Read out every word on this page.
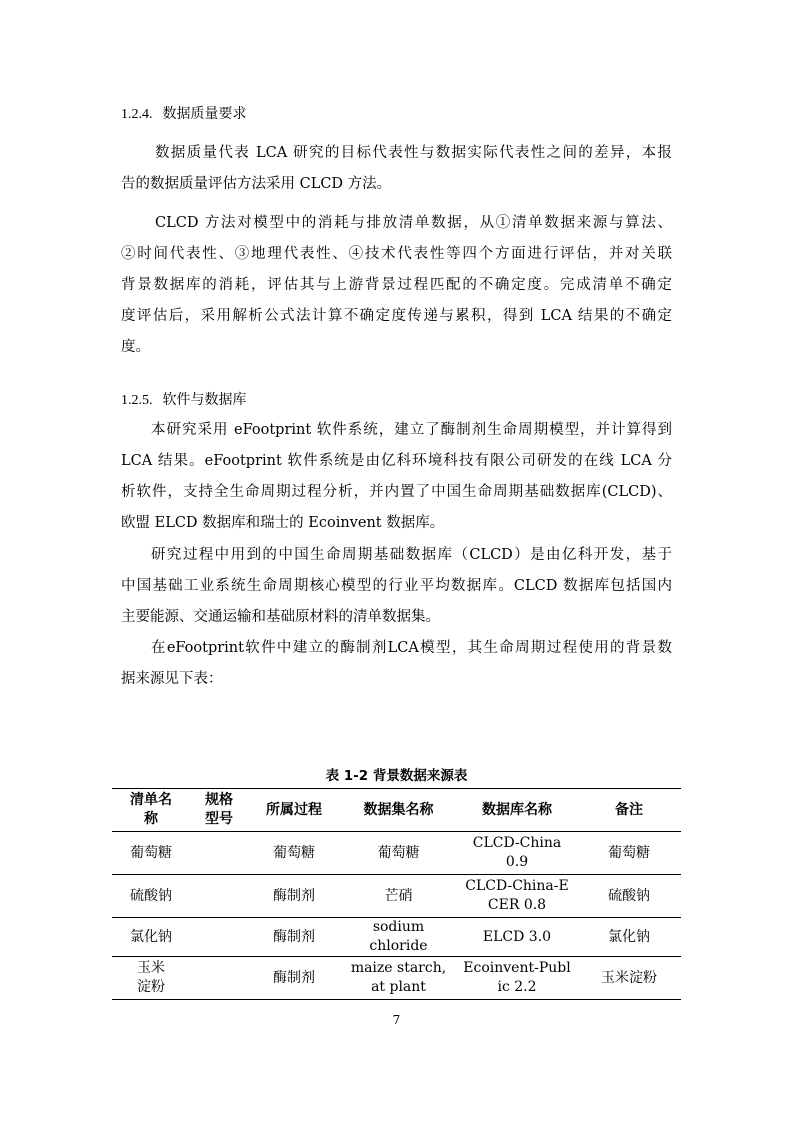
1.2.4. 数据质量要求
数据质量代表 LCA 研究的目标代表性与数据实际代表性之间的差异，本报
告的数据质量评估方法采用 CLCD 方法。
CLCD 方法对模型中的消耗与排放清单数据，从①清单数据来源与算法、
②时间代表性、③地理代表性、④技术代表性等四个方面进行评估，并对关联
背景数据库的消耗，评估其与上游背景过程匹配的不确定度。完成清单不确定
度评估后，采用解析公式法计算不确定度传递与累积，得到 LCA 结果的不确定
度。
1.2.5. 软件与数据库
本研究采用 eFootprint 软件系统，建立了酶制剂生命周期模型，并计算得到
LCA 结果。eFootprint 软件系统是由亿科环境科技有限公司研发的在线 LCA 分
析软件，支持全生命周期过程分析，并内置了中国生命周期基础数据库(CLCD)、
欧盟 ELCD 数据库和瑞士的 Ecoinvent 数据库。
研究过程中用到的中国生命周期基础数据库（CLCD）是由亿科开发，基于
中国基础工业系统生命周期核心模型的行业平均数据库。CLCD 数据库包括国内
主要能源、交通运输和基础原材料的清单数据集。
在eFootprint软件中建立的酶制剂LCA模型，其生命周期过程使用的背景数
据来源见下表：
表 1-2 背景数据来源表
清单名称	规格型号	所属过程	数据集名称	数据库名称	备注
葡萄糖		葡萄糖	葡萄糖	CLCD-China 0.9	葡萄糖
硫酸钠		酶制剂	芒硝	CLCD-China-ECER 0.8	硫酸钠
氯化钠		酶制剂	sodium chloride	ELCD 3.0	氯化钠

玉米淀粉		酶制剂	maize starch, at plant	Ecoinvent-Public 2.2	玉米淀粉
7
